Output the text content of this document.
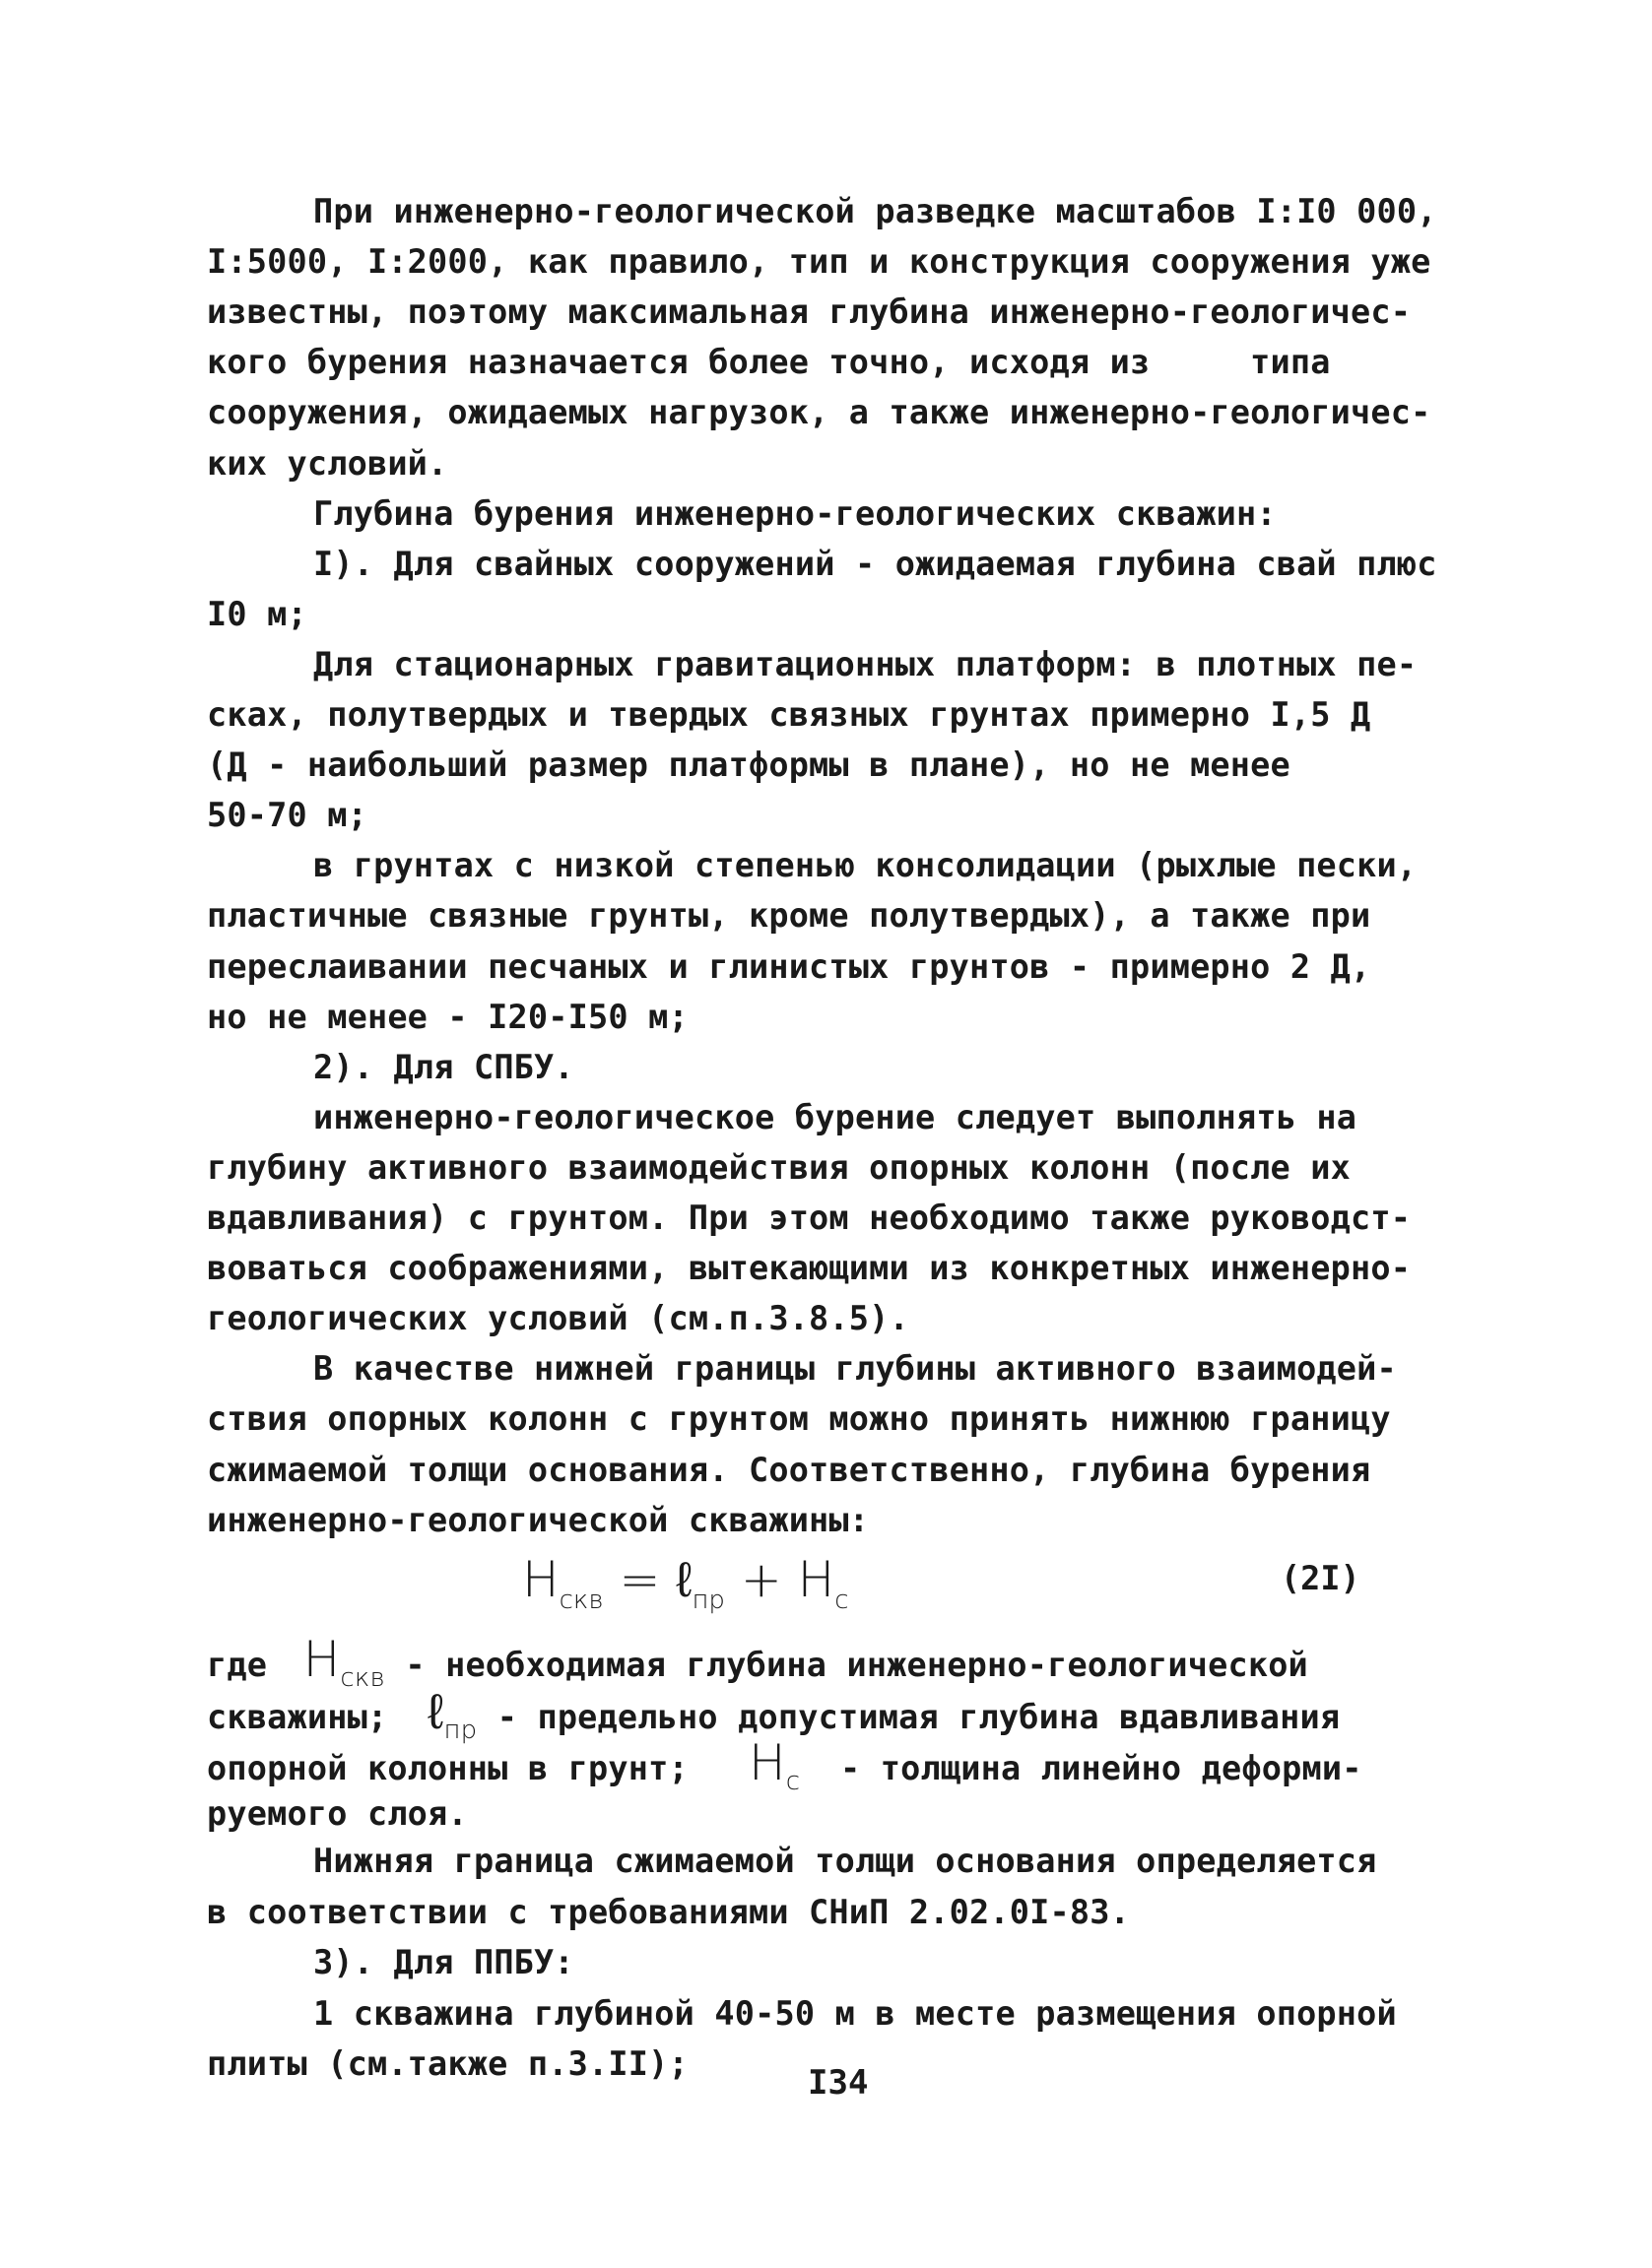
При инженерно-геологической разведке масштабов I:I0 000,
I:5000, I:2000, как правило, тип и конструкция сооружения уже
известны, поэтому максимальная глубина инженерно-геологичес-
кого бурения назначается более точно, исходя из     типа
сооружения, ожидаемых нагрузок, а также инженерно-геологичес-
ких условий.
Глубина бурения инженерно-геологических скважин:
I). Для свайных сооружений - ожидаемая глубина свай плюс
I0 м;
Для стационарных гравитационных платформ: в плотных пе-
сках, полутвердых и твердых связных грунтах примерно I,5 Д
(Д - наибольший размер платформы в плане), но не менее
50-70 м;
в грунтах с низкой степенью консолидации (рыхлые пески,
пластичные связные грунты, кроме полутвердых), а также при
переслаивании песчаных и глинистых грунтов - примерно 2 Д,
но не менее - I20-I50 м;
2). Для СПБУ.
инженерно-геологическое бурение следует выполнять на
глубину активного взаимодействия опорных колонн (после их
вдавливания) с грунтом. При этом необходимо также руководст-
воваться соображениями, вытекающими из конкретных инженерно-
геологических условий (см.п.3.8.5).
В качестве нижней границы глубины активного взаимодей-
ствия опорных колонн с грунтом можно принять нижнюю границу
сжимаемой толщи основания. Соответственно, глубина бурения
инженерно-геологической скважины:
$H_{скв}$ = ℓ$_{пр}$ + $H_с$
(2I)
где  $H_{скв}$ - необходимая глубина инженерно-геологической
скважины;  ℓ$_{пр}$ - предельно допустимая глубина вдавливания
опорной колонны в грунт;   $H_с$  - толщина линейно деформи-
руемого слоя.
Нижняя граница сжимаемой толщи основания определяется
в соответствии с требованиями СНиП 2.02.0I-83.
3). Для ППБУ:
1 скважина глубиной 40-50 м в месте размещения опорной
плиты (см.также п.3.II);	I34
